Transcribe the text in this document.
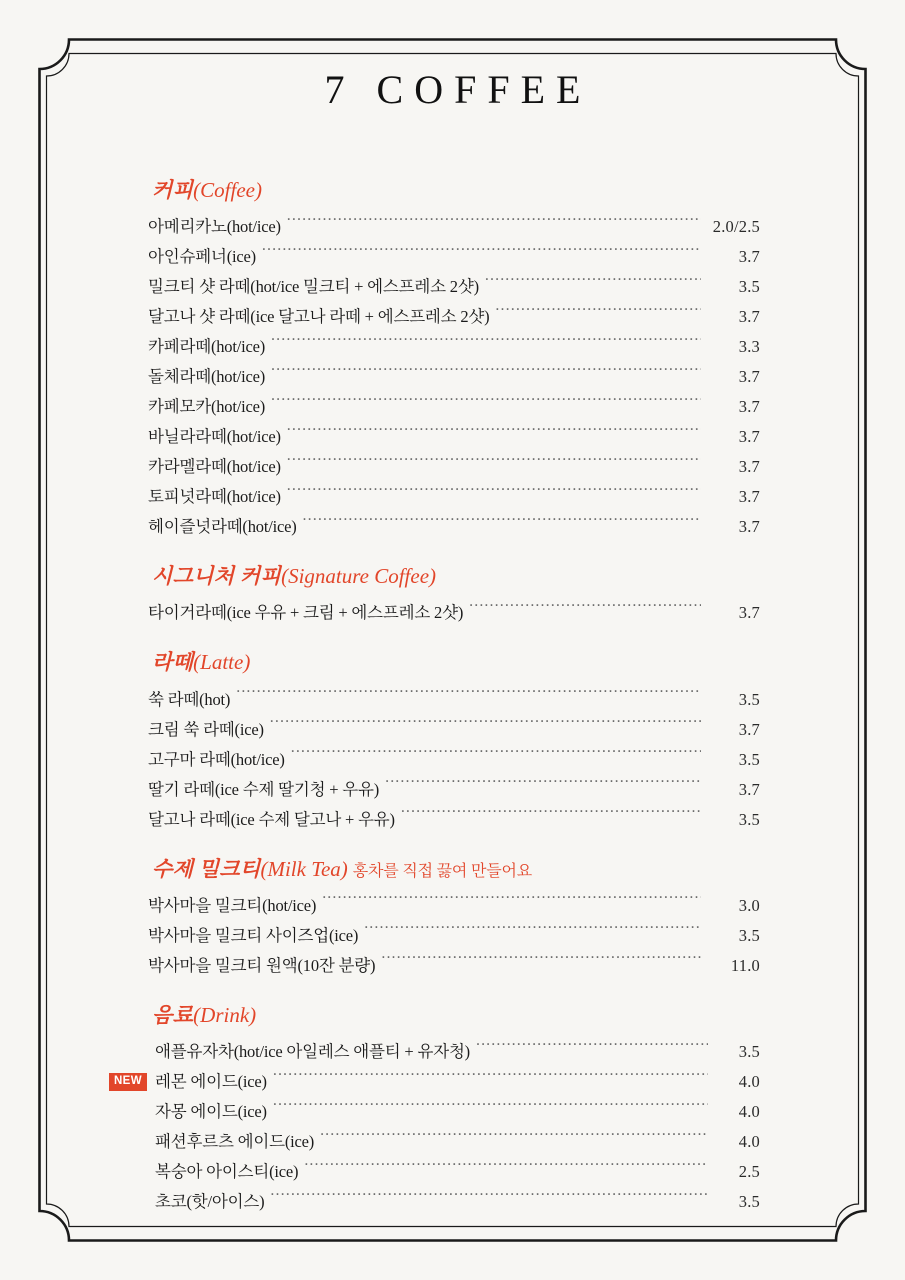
7 COFFEE
커피(Coffee)
아메리카노(hot/ice) .....	2.0/2.5
아인슈페너(ice) .....	3.7
밀크티 샷 라떼(hot/ice 밀크티 + 에스프레소 2샷) .....	3.5
달고나 샷 라떼(ice 달고나 라떼 + 에스프레소 2샷) .....	3.7
카페라떼(hot/ice) .....	3.3
돌체라떼(hot/ice) .....	3.7
카페모카(hot/ice) .....	3.7
바닐라라떼(hot/ice) .....	3.7
카라멜라떼(hot/ice) .....	3.7
토피넛라떼(hot/ice) .....	3.7
헤이즐넛라떼(hot/ice) .....	3.7
시그니처 커피(Signature Coffee)
타이거라떼(ice 우유 + 크림 + 에스프레소 2샷) .....	3.7
라떼(Latte)
쑥 라떼(hot) .....	3.5
크림 쑥 라떼(ice) .....	3.7
고구마 라떼(hot/ice) .....	3.5
딸기 라떼(ice 수제 딸기청 + 우유) .....	3.7
달고나 라떼(ice 수제 달고나 + 우유) .....	3.5
수제 밀크티(Milk Tea) 홍차를 직접 끓여 만들어요
박사마을 밀크티(hot/ice) .....	3.0
박사마을 밀크티 사이즈업(ice) .....	3.5
박사마을 밀크티 원액(10잔 분량) .....	11.0
음료(Drink)
애플유자차(hot/ice 아일레스 애플티 + 유자청) .....	3.5
NEW 레몬 에이드(ice) .....	4.0
자몽 에이드(ice) .....	4.0
패션후르츠 에이드(ice) .....	4.0
복숭아 아이스티(ice) .....	2.5
초코(핫/아이스) .....	3.5
